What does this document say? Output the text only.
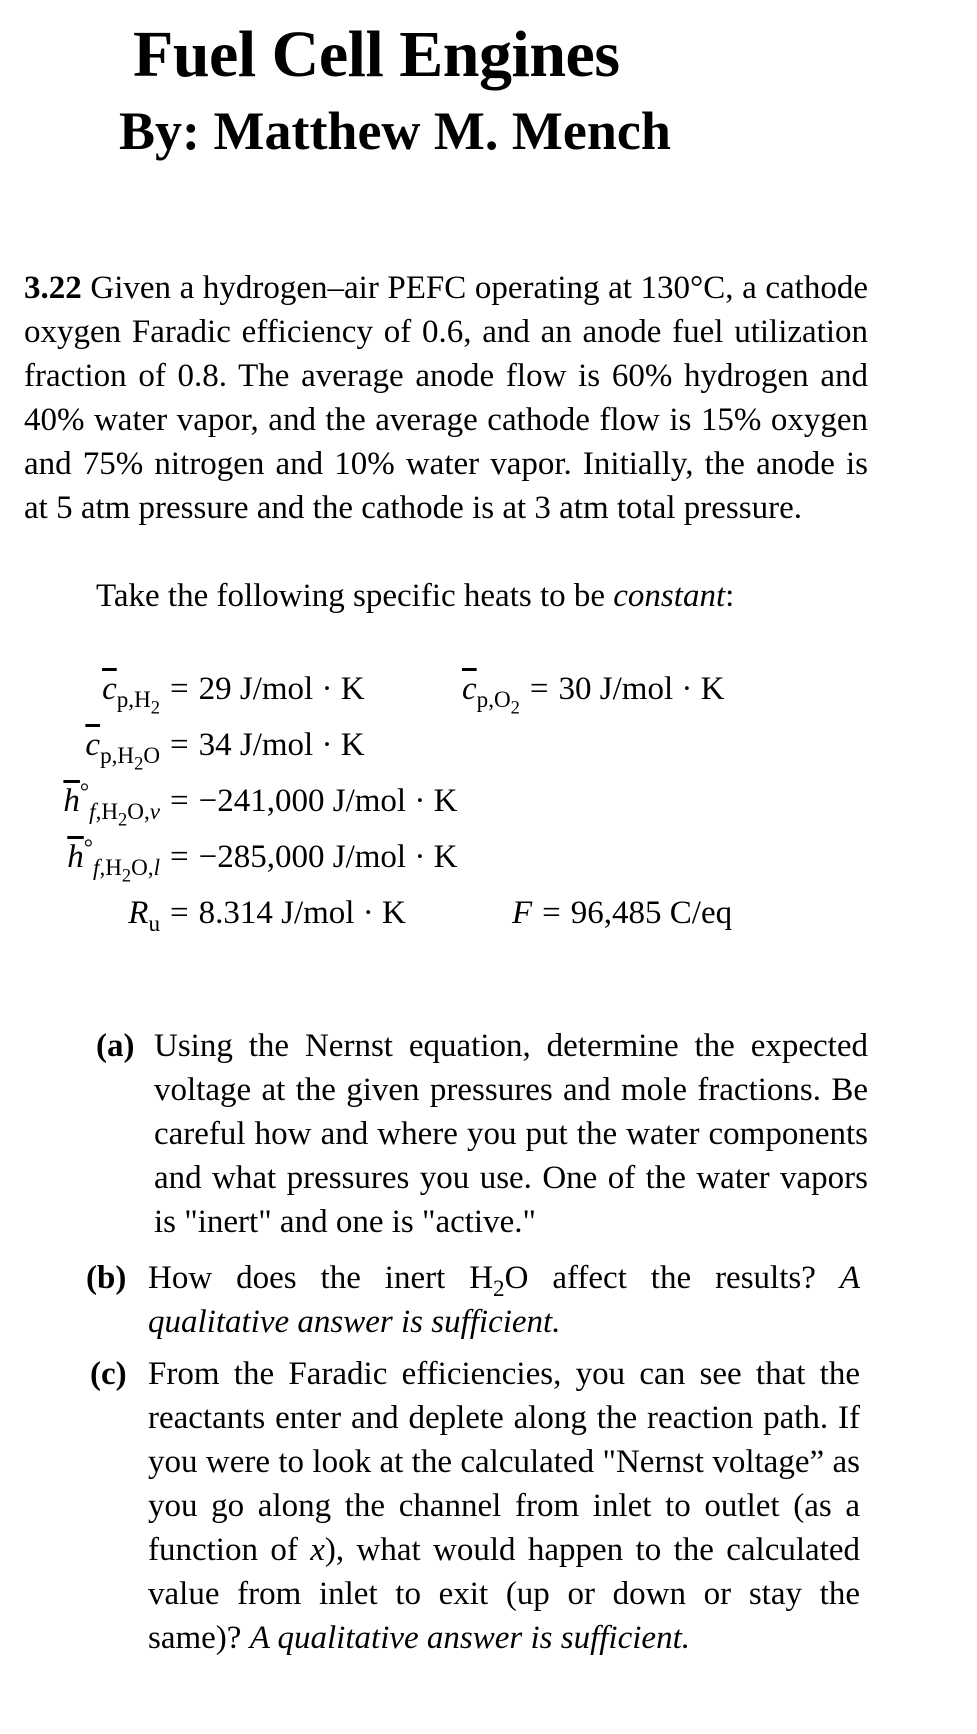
Fuel Cell Engines
By: Matthew M. Mench

3.22 Given a hydrogen–air PEFC operating at 130°C, a cathode oxygen Faradic efficiency of 0.6, and an anode fuel utilization fraction of 0.8. The average anode flow is 60% hydrogen and 40% water vapor, and the average cathode flow is 15% oxygen and 75% nitrogen and 10% water vapor. Initially, the anode is at 5 atm pressure and the cathode is at 3 atm total pressure.

Take the following specific heats to be constant:

$\overline{c}_{p,H_2}= 29$ J/mol · K	$\overline{c}_{p,O_2}= 30$ J/mol · K
$\overline{c}_{p,H_2O} = 34$ J/mol · K
$\overline{h}^\circ_{f,H_2O,v} = -241,000$ J/mol · K
$\overline{h}^\circ_{f,H_2O,l} = -285,000$ J/mol · K
$R_u = 8.314$ J/mol · K	F = 96,485 C/eq
(a) Using the Nernst equation, determine the expected voltage at the given pressures and mole fractions. Be careful how and where you put the water components and what pressures you use. One of the water vapors is "inert" and one is "active."
(b) How does the inert $H_2O$ affect the results? A qualitative answer is sufficient.
(c) From the Faradic efficiencies, you can see that the reactants enter and deplete along the reaction path. If you were to look at the calculated "Nernst voltage” as you go along the channel from inlet to outlet (as a function of x), what would happen to the calculated value from inlet to exit (up or down or stay the same)? A qualitative answer is sufficient.
